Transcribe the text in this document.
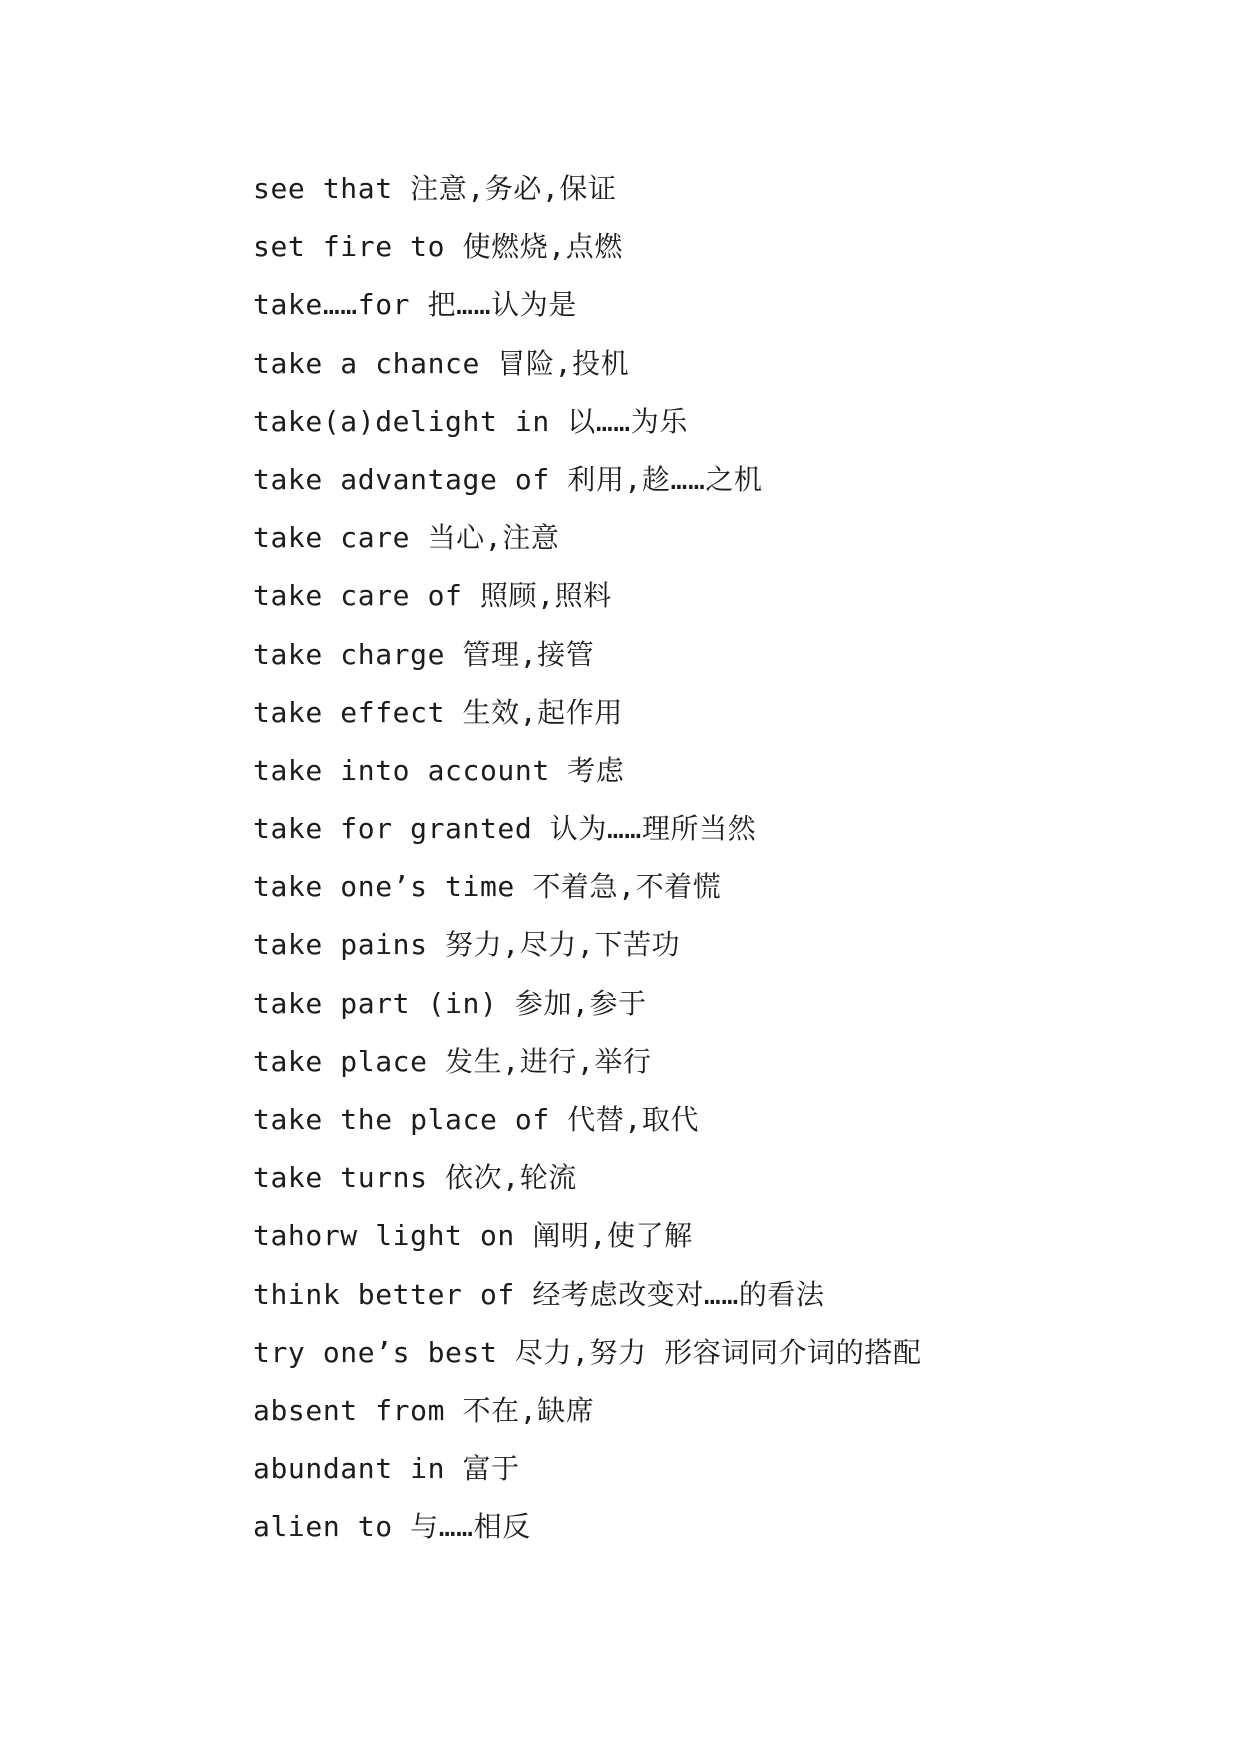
see that 注意,务必,保证
set fire to 使燃烧,点燃
take……for 把……认为是
take a chance 冒险,投机
take(a)delight in 以……为乐
take advantage of 利用,趁……之机
take care 当心,注意
take care of 照顾,照料
take charge 管理,接管
take effect 生效,起作用
take into account 考虑
take for granted 认为……理所当然
take one’s time 不着急,不着慌
take pains 努力,尽力,下苦功
take part (in) 参加,参于
take place 发生,进行,举行
take the place of 代替,取代
take turns 依次,轮流
tahorw light on 阐明,使了解
think better of 经考虑改变对……的看法
try one’s best 尽力,努力 形容词同介词的搭配
absent from 不在,缺席
abundant in 富于
alien to 与……相反
